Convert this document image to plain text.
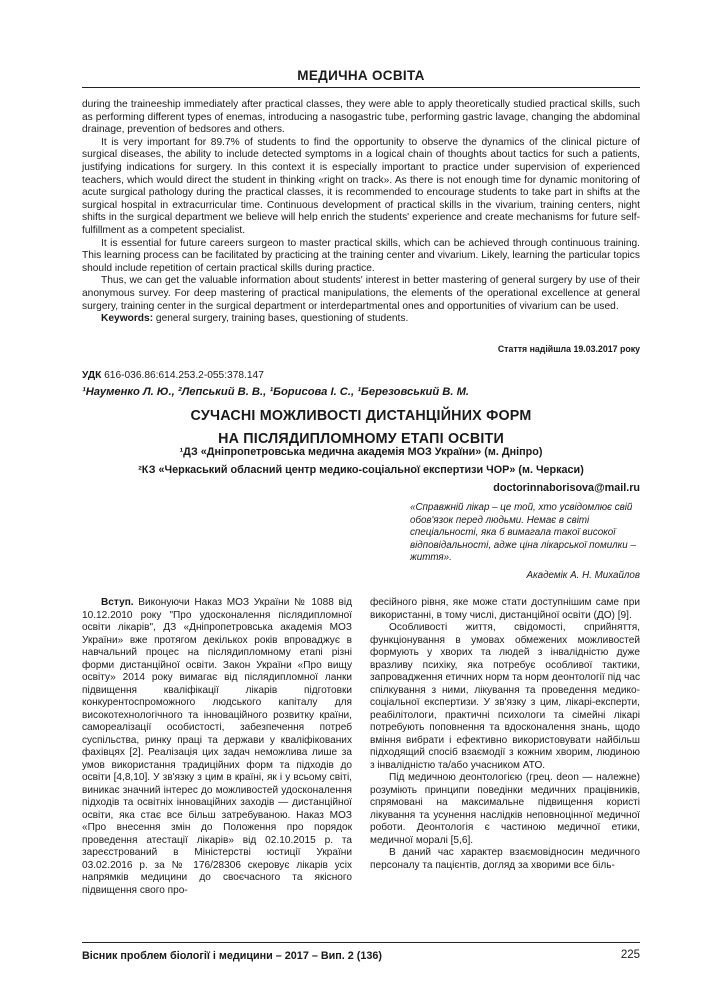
МЕДИЧНА ОСВІТА

during the traineeship immediately after practical classes, they were able to apply theoretically studied practical skills, such as performing different types of enemas, introducing a nasogastric tube, performing gastric lavage, changing the abdominal drainage, prevention of bedsores and others.

It is very important for 89.7% of students to find the opportunity to observe the dynamics of the clinical picture of surgical diseases, the ability to include detected symptoms in a logical chain of thoughts about tactics for such a patients, justifying indications for surgery. In this context it is especially important to practice under supervision of experienced teachers, which would direct the student in thinking «right on track». As there is not enough time for dynamic monitoring of acute surgical pathology during the practical classes, it is recommended to encourage students to take part in shifts at the surgical hospital in extracurricular time. Continuous development of practical skills in the vivarium, training centers, night shifts in the surgical department we believe will help enrich the students' experience and create mechanisms for future self-fulfillment as a competent specialist.

It is essential for future careers surgeon to master practical skills, which can be achieved through continuous training. This learning process can be facilitated by practicing at the training center and vivarium. Likely, learning the particular topics should include repetition of certain practical skills during practice.

Thus, we can get the valuable information about students' interest in better mastering of general surgery by use of their anonymous survey. For deep mastering of practical manipulations, the elements of the operational excellence at general surgery, training center in the surgical department or interdepartmental ones and opportunities of vivarium can be used.

Keywords: general surgery, training bases, questioning of students.

Стаття надійшла 19.03.2017 року
УДК 616-036.86:614.253.2-055:378.147
¹Науменко Л. Ю., ²Лепський В. В., ¹Борисова І. С., ¹Березовський В. М.
СУЧАСНІ МОЖЛИВОСТІ ДИСТАНЦІЙНИХ ФОРМ
НА ПІСЛЯДИПЛОМНОМУ ЕТАПІ ОСВІТИ
¹ДЗ «Дніпропетровська медична академія МОЗ України» (м. Дніпро)
²КЗ «Черкаський обласний центр медико-соціальної експертизи ЧОР» (м. Черкаси)
doctorinnaborisova@mail.ru
«Справжній лікар – це той, хто усвідомлює свій обов'язок перед людьми. Немає в світі спеціальності, яка б вимагала такої високої відповідальності, адже ціна лікарської помилки – життя».
Академік А. Н. Михайлов

Вступ. Виконуючи Наказ МОЗ України № 1088 від 10.12.2010 року "Про удосконалення післядипломної освіти лікарів", ДЗ «Дніпропетровська академія МОЗ України» вже протягом декількох років впроваджує в навчальний процес на післядипломному етапі різні форми дистанційної освіти. Закон України «Про вищу освіту» 2014 року вимагає від післядипломної ланки підвищення кваліфікації лікарів підготовки конкурентоспроможного людського капіталу для високотехнологічного та інноваційного розвитку країни, самореалізації особистості, забезпечення потреб суспільства, ринку праці та держави у кваліфікованих фахівцях [2]. Реалізація цих задач неможлива лише за умов використання традиційних форм та підходів до освіти [4,8,10]. У зв'язку з цим в країні, як і у всьому світі, виникає значний інтерес до можливостей удосконалення підходів та освітніх інноваційних заходів — дистанційної освіти, яка стає все більш затребуваною. Наказ МОЗ «Про внесення змін до Положення про порядок проведення атестації лікарів» від 02.10.2015 р. та зареєстрований в Міністерстві юстиції України 03.02.2016 р. за № 176/28306 скеровує лікарів усіх напрямків медицини до своєчасного та якісного підвищення свого про-

фесійного рівня, яке може стати доступнішим саме при використанні, в тому числі, дистанційної освіти (ДО) [9].

Особливості життя, свідомості, сприйняття, функціонування в умовах обмежених можливостей формують у хворих та людей з інвалідністю дуже вразливу психіку, яка потребує особливої тактики, запровадження етичних норм та норм деонтології під час спілкування з ними, лікування та проведення медико-соціальної експертизи. У зв'язку з цим, лікарі-експерти, реабілітологи, практичні психологи та сімейні лікарі потребують поповнення та вдосконалення знань, щодо вміння вибрати і ефективно використовувати найбільш підходящий спосіб взаємодії з кожним хворим, людиною з інвалідністю та/або учасником АТО.

Під медичною деонтологією (грец. deon — належне) розуміють принципи поведінки медичних працівників, спрямовані на максимальне підвищення користі лікування та усунення наслідків неповноцінної медичної роботи. Деонтологія є частиною медичної етики, медичної моралі [5,6].

В даний час характер взаємовідносин медичного персоналу та пацієнтів, догляд за хворими все біль-

Вісник проблем біології і медицини – 2017 – Вип. 2 (136)	225
